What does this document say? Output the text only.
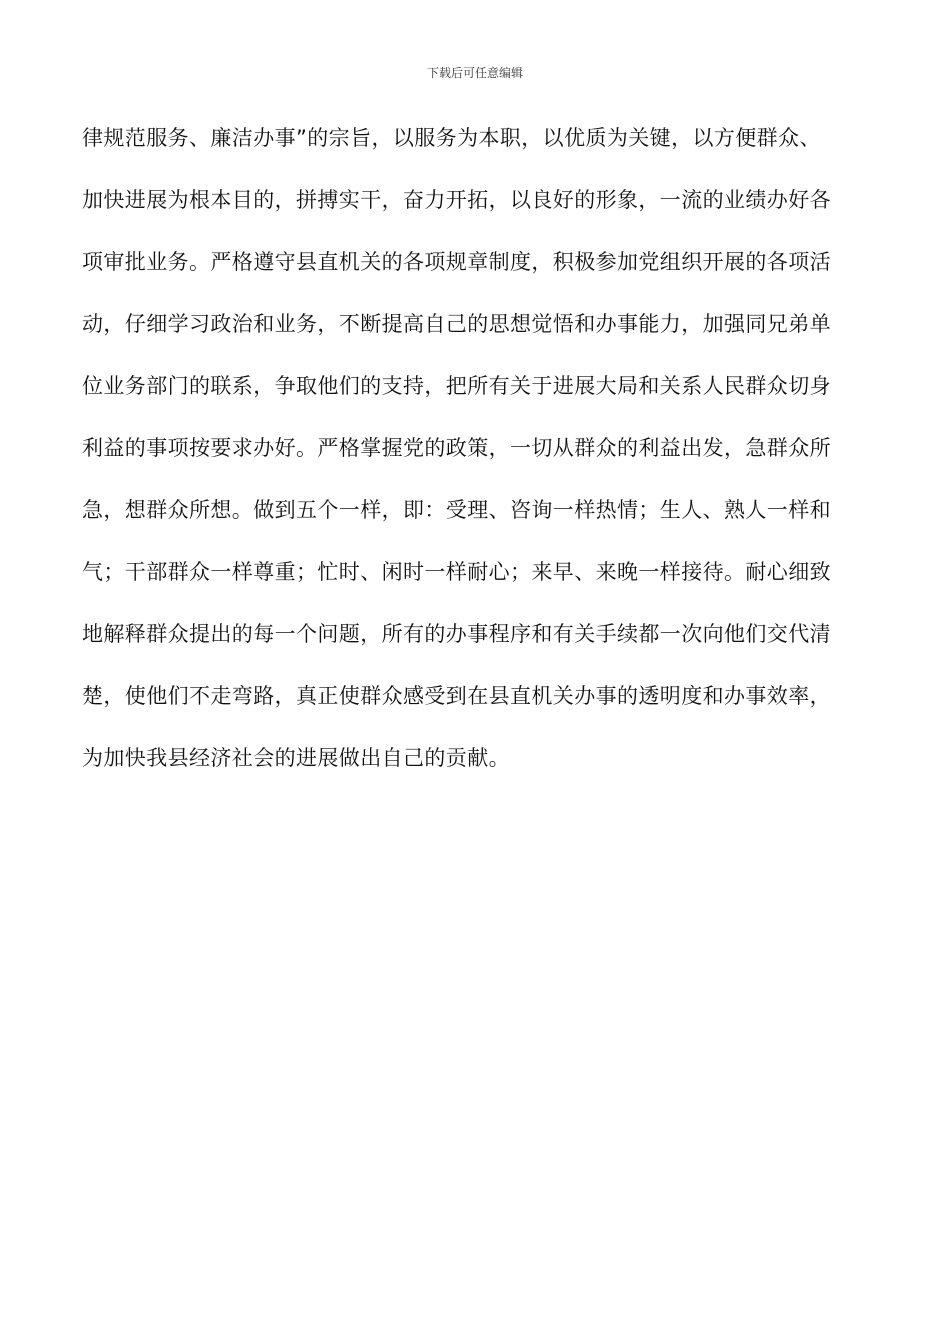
下载后可任意编辑
律规范服务、廉洁办事”的宗旨，以服务为本职，以优质为关键，以方便群众、
加快进展为根本目的，拼搏实干，奋力开拓，以良好的形象，一流的业绩办好各
项审批业务。严格遵守县直机关的各项规章制度，积极参加党组织开展的各项活
动，仔细学习政治和业务，不断提高自己的思想觉悟和办事能力，加强同兄弟单
位业务部门的联系，争取他们的支持，把所有关于进展大局和关系人民群众切身
利益的事项按要求办好。严格掌握党的政策，一切从群众的利益出发，急群众所
急，想群众所想。做到五个一样，即：受理、咨询一样热情；生人、熟人一样和
气；干部群众一样尊重；忙时、闲时一样耐心；来早、来晚一样接待。耐心细致
地解释群众提出的每一个问题，所有的办事程序和有关手续都一次向他们交代清
楚，使他们不走弯路，真正使群众感受到在县直机关办事的透明度和办事效率，
为加快我县经济社会的进展做出自己的贡献。
